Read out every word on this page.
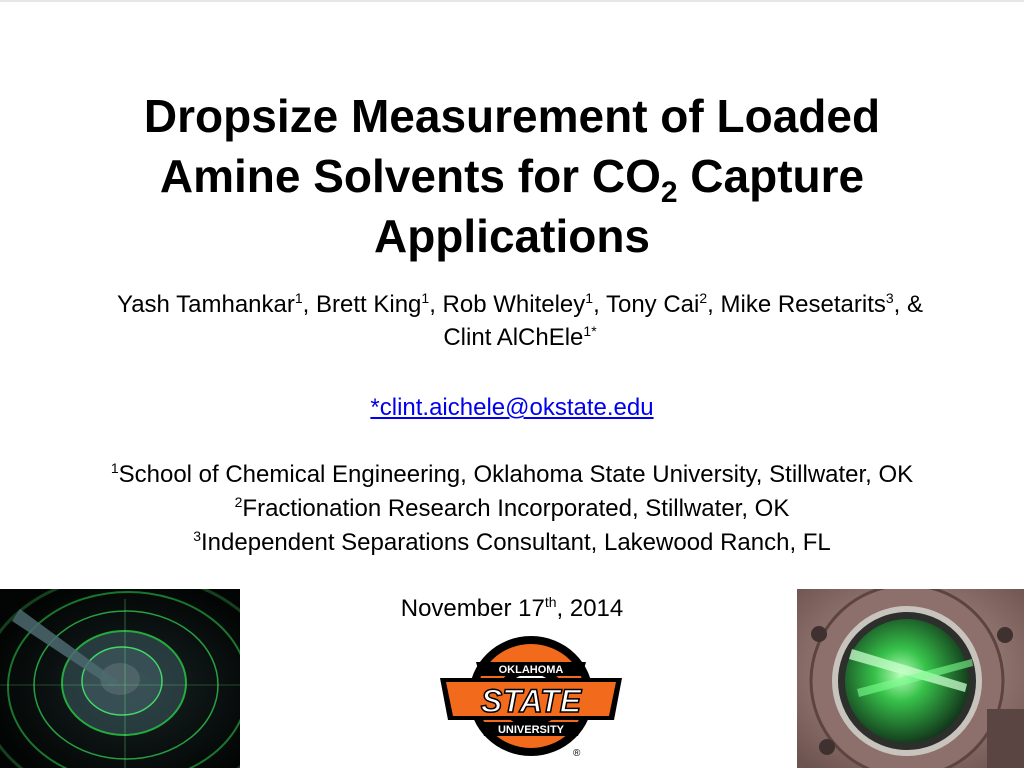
Dropsize Measurement of Loaded
Amine Solvents for $CO_2$ Capture
Applications
Yash Tamhankar$^1$, Brett King$^1$, Rob Whiteley$^1$, Tony Cai$^2$, Mike Resetarits$^3$, &
Clint AlChEle$^{1*}$
*clint.aichele@okstate.edu
$^1$School of Chemical Engineering, Oklahoma State University, Stillwater, OK
$^2$Fractionation Research Incorporated, Stillwater, OK
$^3$Independent Separations Consultant, Lakewood Ranch, FL
November 17th, 2014
OKLAHOMA
STATE
UNIVERSITY
®
